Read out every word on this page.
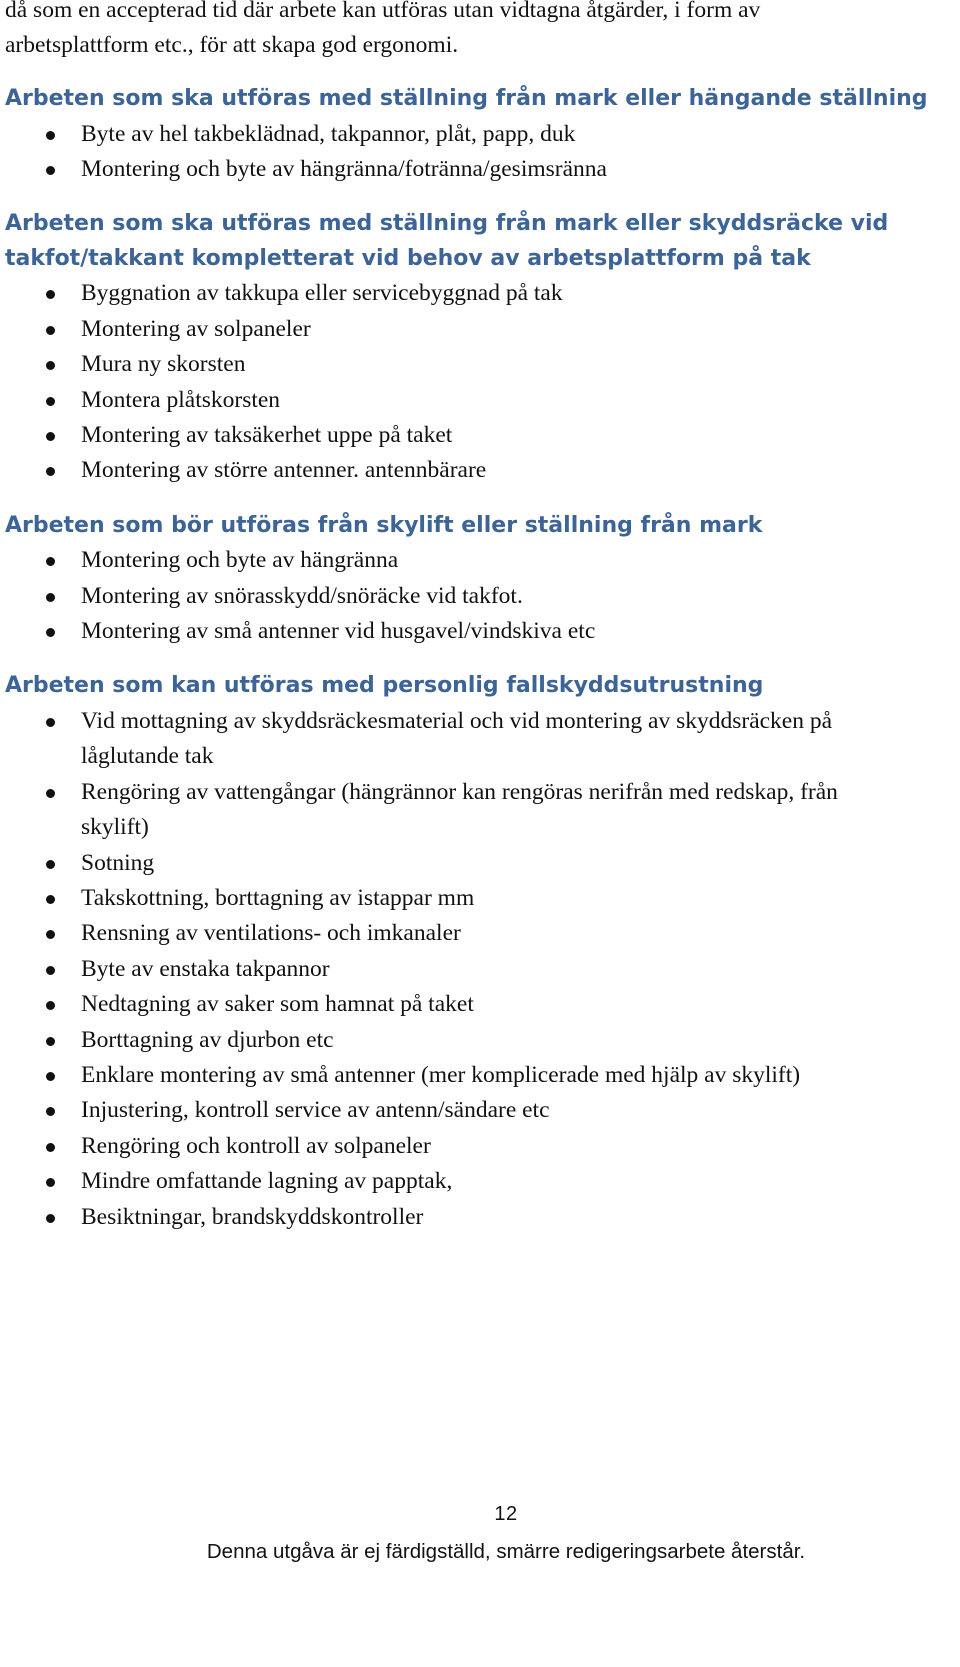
då som en accepterad tid där arbete kan utföras utan vidtagna åtgärder, i form av
arbetsplattform etc., för att skapa god ergonomi.

Arbeten som ska utföras med ställning från mark eller hängande ställning
Byte av hel takbeklädnad, takpannor, plåt, papp, duk
Montering och byte av hängränna/fotränna/gesimsränna
Arbeten som ska utföras med ställning från mark eller skyddsräcke vid
takfot/takkant kompletterat vid behov av arbetsplattform på tak
Byggnation av takkupa eller servicebyggnad på tak
Montering av solpaneler
Mura ny skorsten
Montera plåtskorsten
Montering av taksäkerhet uppe på taket
Montering av större antenner. antennbärare
Arbeten som bör utföras från skylift eller ställning från mark
Montering och byte av hängränna
Montering av snörasskydd/snöräcke vid takfot.
Montering av små antenner vid husgavel/vindskiva etc
Arbeten som kan utföras med personlig fallskyddsutrustning
Vid mottagning av skyddsräckesmaterial och vid montering av skyddsräcken på
låglutande tak
Rengöring av vattengångar (hängrännor kan rengöras nerifrån med redskap, från
skylift)
Sotning
Takskottning, borttagning av istappar mm
Rensning av ventilations- och imkanaler
Byte av enstaka takpannor
Nedtagning av saker som hamnat på taket
Borttagning av djurbon etc
Enklare montering av små antenner (mer komplicerade med hjälp av skylift)
Injustering, kontroll service av antenn/sändare etc
Rengöring och kontroll av solpaneler
Mindre omfattande lagning av papptak,
Besiktningar, brandskyddskontroller
12
Denna utgåva är ej färdigställd, smärre redigeringsarbete återstår.
